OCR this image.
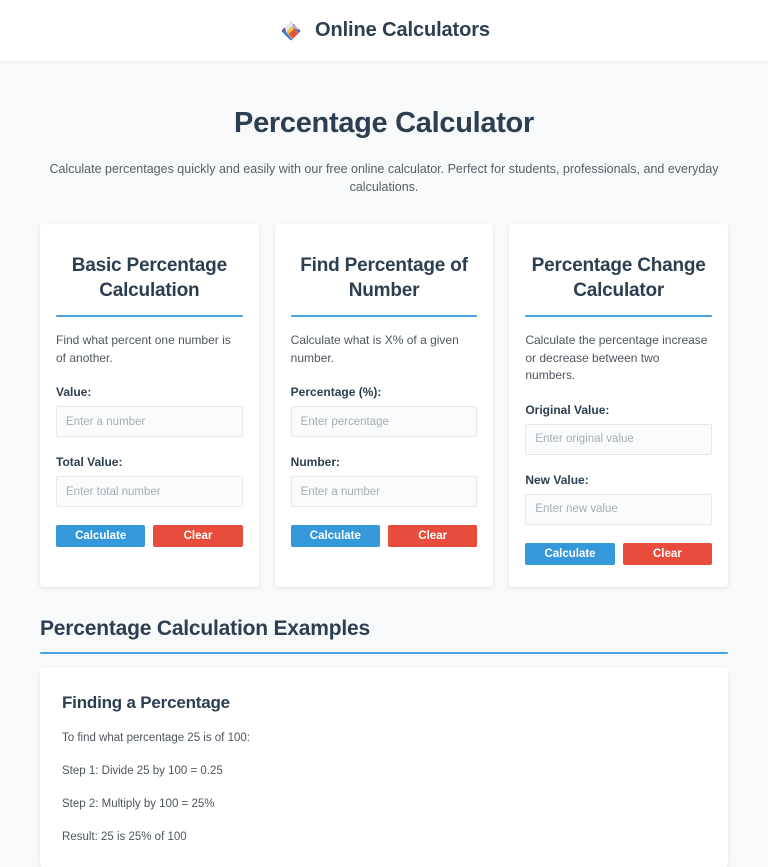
Online Calculators
Percentage Calculator

Calculate percentages quickly and easily with our free online calculator. Perfect for students, professionals, and everyday calculations.

Basic Percentage Calculation
Find what percent one number is of another.
Value:
Enter a number
Total Value:
Enter total number
Calculate	Clear
Find Percentage of Number
Calculate what is X% of a given number.
Percentage (%):
Enter percentage
Number:
Enter a number
Calculate	Clear
Percentage Change Calculator
Calculate the percentage increase or decrease between two numbers.
Original Value:
Enter original value
New Value:
Enter new value
Calculate	Clear
Percentage Calculation Examples
Finding a Percentage
To find what percentage 25 is of 100:
Step 1: Divide 25 by 100 = 0.25
Step 2: Multiply by 100 = 25%
Result: 25 is 25% of 100
